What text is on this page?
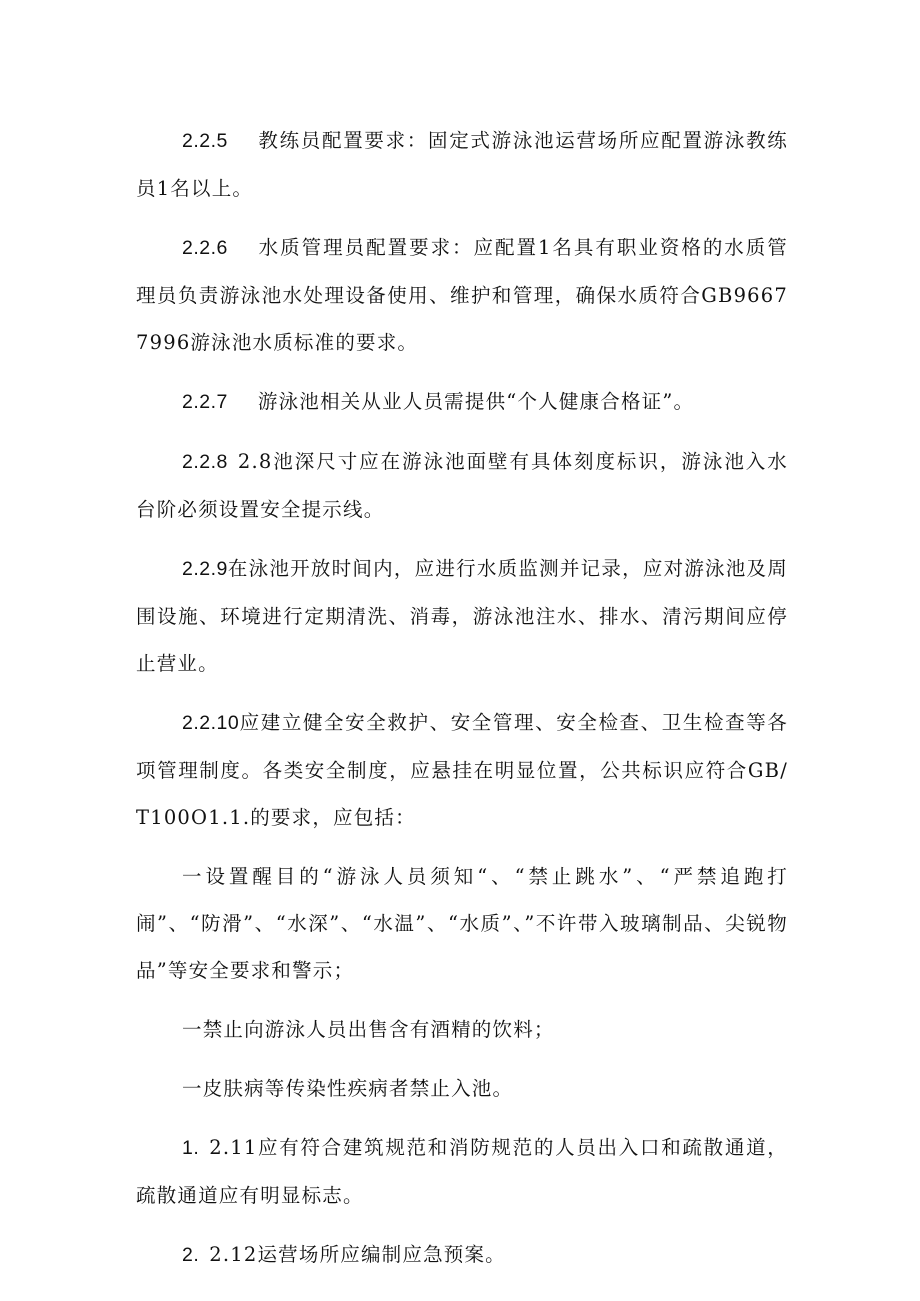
2.2.5 教练员配置要求：固定式游泳池运营场所应配置游泳教练员1名以上。

2.2.6 水质管理员配置要求：应配置1名具有职业资格的水质管理员负责游泳池水处理设备使用、维护和管理，确保水质符合GB96677996游泳池水质标准的要求。

2.2.7 游泳池相关从业人员需提供“个人健康合格证”。

2.2.8 2.8池深尺寸应在游泳池面壁有具体刻度标识，游泳池入水台阶必须设置安全提示线。

2.2.9在泳池开放时间内，应进行水质监测并记录，应对游泳池及周围设施、环境进行定期清洗、消毒，游泳池注水、排水、清污期间应停止营业。

2.2.10应建立健全安全救护、安全管理、安全检查、卫生检查等各项管理制度。各类安全制度，应悬挂在明显位置，公共标识应符合GB/T100O1.1.的要求，应包括：

一设置醒目的“游泳人员须知“、“禁止跳水”、“严禁追跑打闹”、“防滑”、“水深”、“水温”、“水质”、”不许带入玻璃制品、尖锐物品”等安全要求和警示；

一禁止向游泳人员出售含有酒精的饮料；

一皮肤病等传染性疾病者禁止入池。

1. 2.11应有符合建筑规范和消防规范的人员出入口和疏散通道，疏散通道应有明显标志。

2. 2.12运营场所应编制应急预案。
